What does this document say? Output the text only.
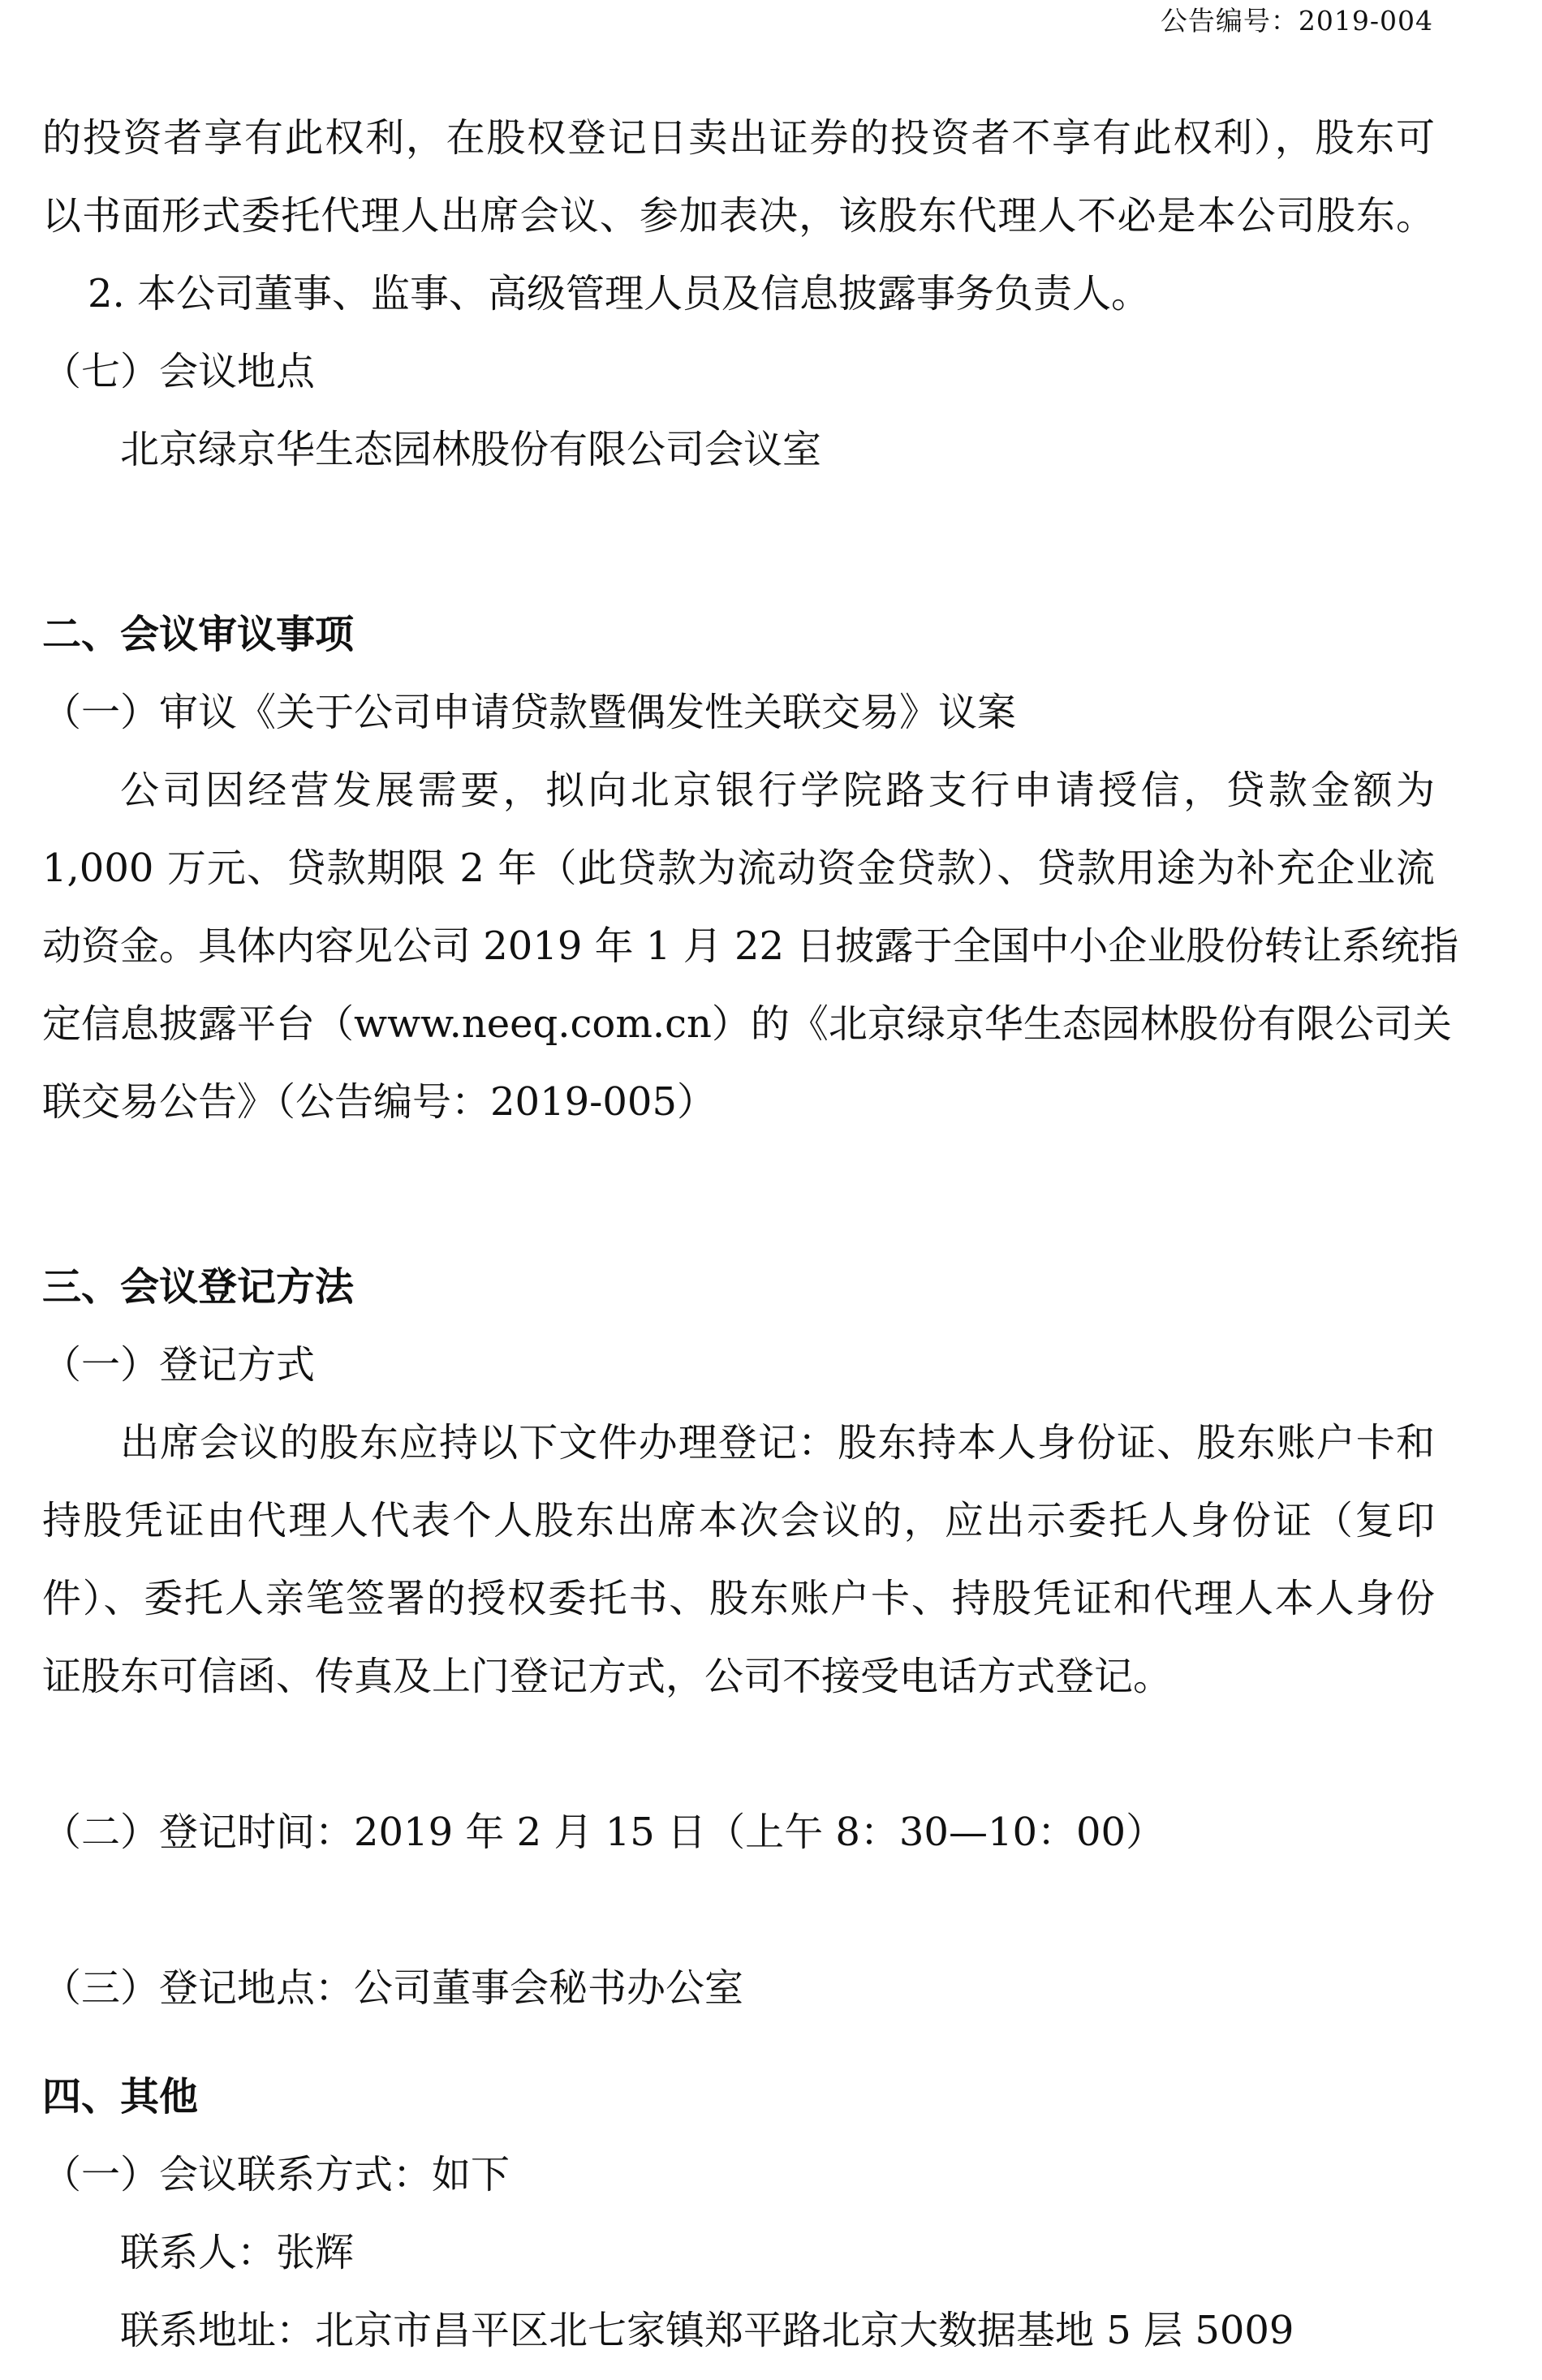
公告编号：2019-004
的投资者享有此权利，在股权登记日卖出证券的投资者不享有此权利），股东可
以书面形式委托代理人出席会议、参加表决，该股东代理人不必是本公司股东。
2. 本公司董事、监事、高级管理人员及信息披露事务负责人。
（七）会议地点
北京绿京华生态园林股份有限公司会议室
二、会议审议事项
（一）审议《关于公司申请贷款暨偶发性关联交易》议案
公司因经营发展需要，拟向北京银行学院路支行申请授信，贷款金额为
1,000 万元、贷款期限 2 年（此贷款为流动资金贷款）、贷款用途为补充企业流
动资金。具体内容见公司 2019 年 1 月 22 日披露于全国中小企业股份转让系统指
定信息披露平台（www.neeq.com.cn）的《北京绿京华生态园林股份有限公司关
联交易公告》（公告编号：2019-005）
三、会议登记方法
（一）登记方式
出席会议的股东应持以下文件办理登记：股东持本人身份证、股东账户卡和
持股凭证由代理人代表个人股东出席本次会议的，应出示委托人身份证（复印
件）、委托人亲笔签署的授权委托书、股东账户卡、持股凭证和代理人本人身份
证股东可信函、传真及上门登记方式，公司不接受电话方式登记。
（二）登记时间：2019 年 2 月 15 日（上午 8：30—10：00）
（三）登记地点：公司董事会秘书办公室
四、其他
（一）会议联系方式：如下
联系人：张辉
联系地址：北京市昌平区北七家镇郑平路北京大数据基地 5 层 5009
